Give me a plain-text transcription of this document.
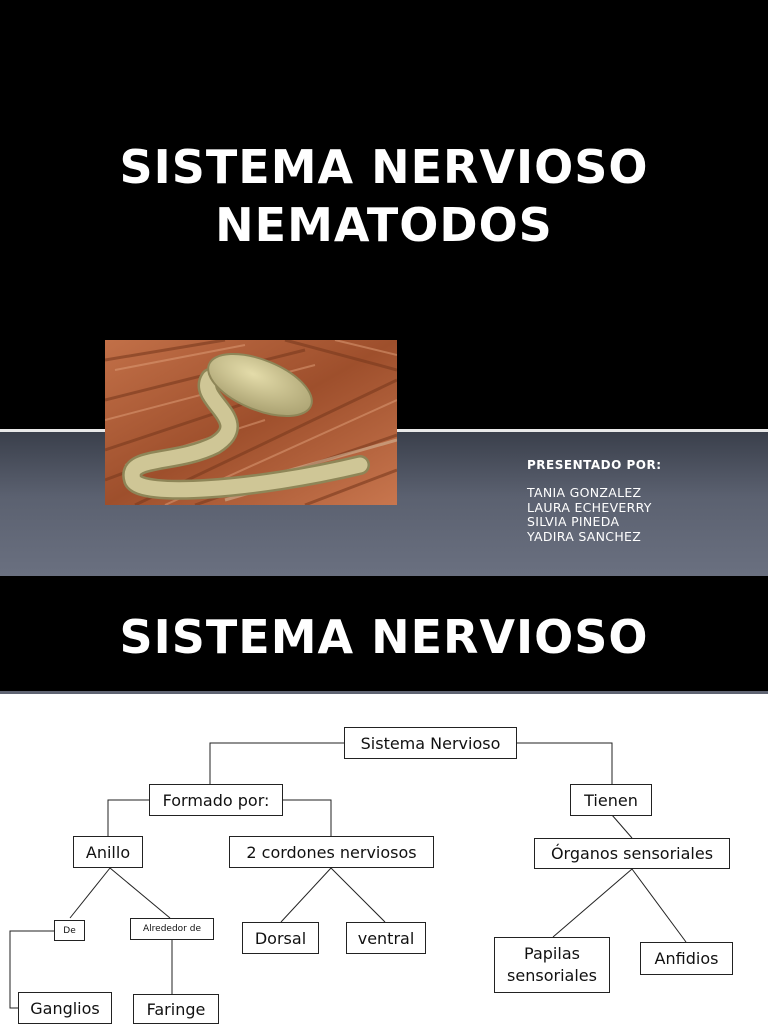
SISTEMA NERVIOSO
NEMATODOS
PRESENTADO POR:
TANIA GONZALEZ
LAURA ECHEVERRY
SILVIA PINEDA
YADIRA SANCHEZ
SISTEMA NERVIOSO
Sistema Nervioso
Formado por:	Tienen
Anillo	2 cordones nerviosos	Órganos sensoriales
De	Alrededor de	Dorsal	ventral
Papilas
sensoriales
Anfidios
Ganglios	Faringe
